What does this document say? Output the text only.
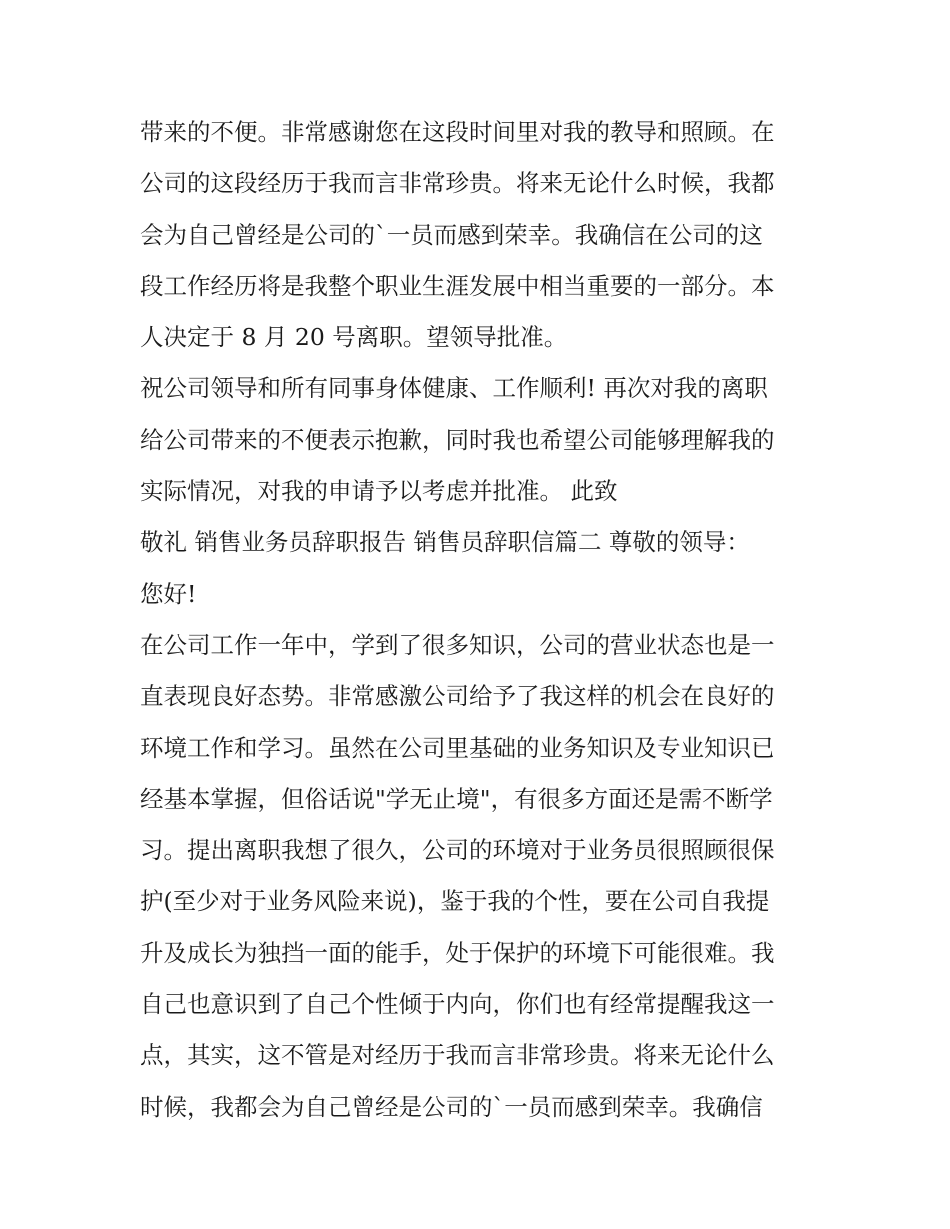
带来的不便。非常感谢您在这段时间里对我的教导和照顾。在
公司的这段经历于我而言非常珍贵。将来无论什么时候，我都
会为自己曾经是公司的`一员而感到荣幸。我确信在公司的这
段工作经历将是我整个职业生涯发展中相当重要的一部分。本
人决定于 8 月 20 号离职。望领导批准。
祝公司领导和所有同事身体健康、工作顺利! 再次对我的离职
给公司带来的不便表示抱歉，同时我也希望公司能够理解我的
实际情况，对我的申请予以考虑并批准。 此致
敬礼 销售业务员辞职报告 销售员辞职信篇二 尊敬的领导：
您好!
在公司工作一年中，学到了很多知识，公司的营业状态也是一
直表现良好态势。非常感激公司给予了我这样的机会在良好的
环境工作和学习。虽然在公司里基础的业务知识及专业知识已
经基本掌握，但俗话说"学无止境"，有很多方面还是需不断学
习。提出离职我想了很久，公司的环境对于业务员很照顾很保
护(至少对于业务风险来说)，鉴于我的个性，要在公司自我提
升及成长为独挡一面的能手，处于保护的环境下可能很难。我
自己也意识到了自己个性倾于内向，你们也有经常提醒我这一
点，其实，这不管是对经历于我而言非常珍贵。将来无论什么
时候，我都会为自己曾经是公司的`一员而感到荣幸。我确信
